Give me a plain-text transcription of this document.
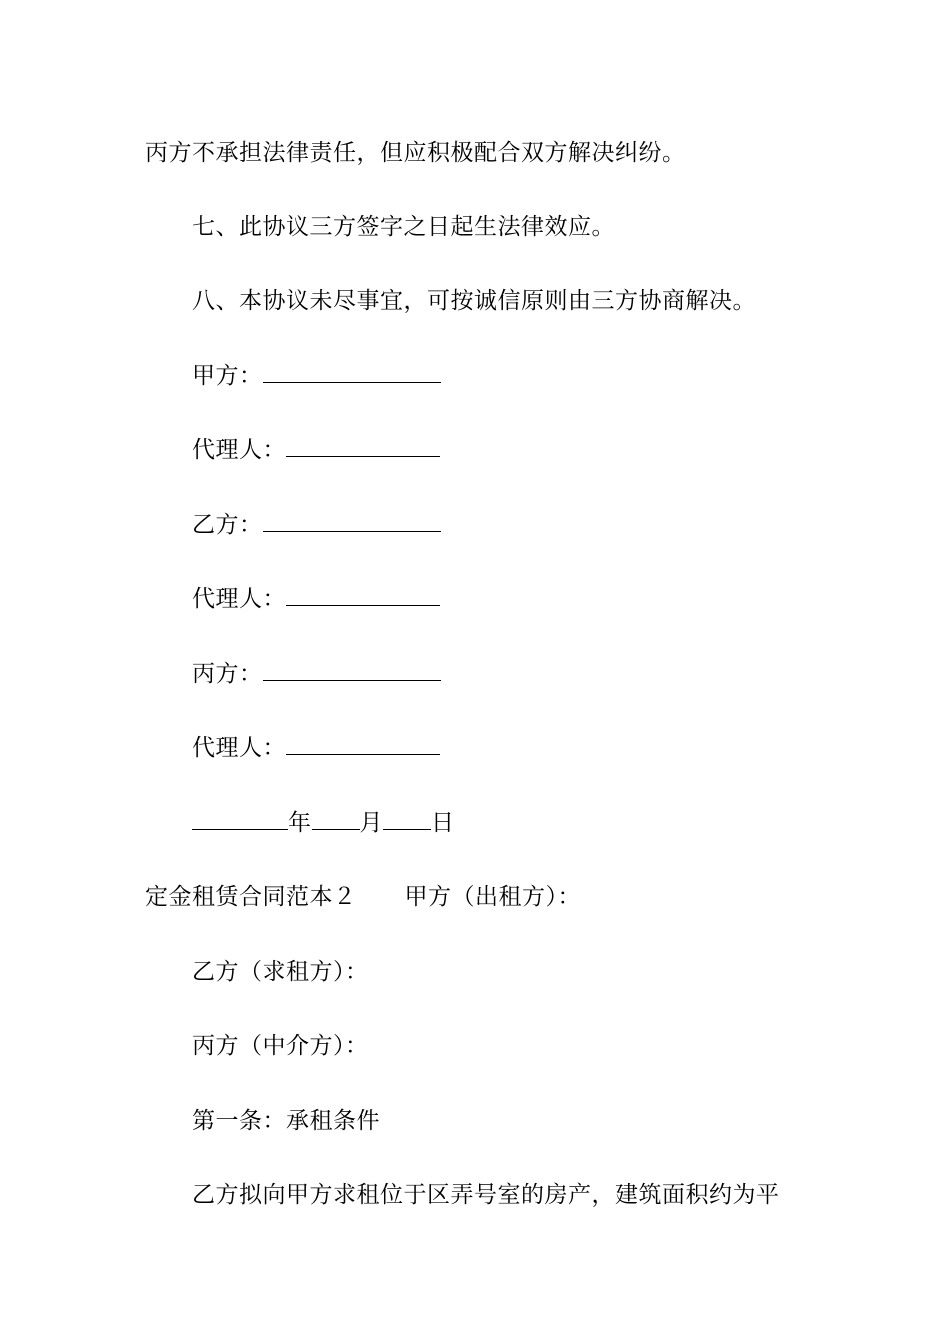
丙方不承担法律责任，但应积极配合双方解决纠纷。
七、此协议三方签字之日起生法律效应。
八、本协议未尽事宜，可按诚信原则由三方协商解决。
甲方：
代理人：
乙方：
代理人：
丙方：
代理人：
年 月 日
定金租赁合同范本２ 甲方（出租方）：
乙方（求租方）：
丙方（中介方）：
第一条：承租条件
乙方拟向甲方求租位于区弄号室的房产，建筑面积约为平
